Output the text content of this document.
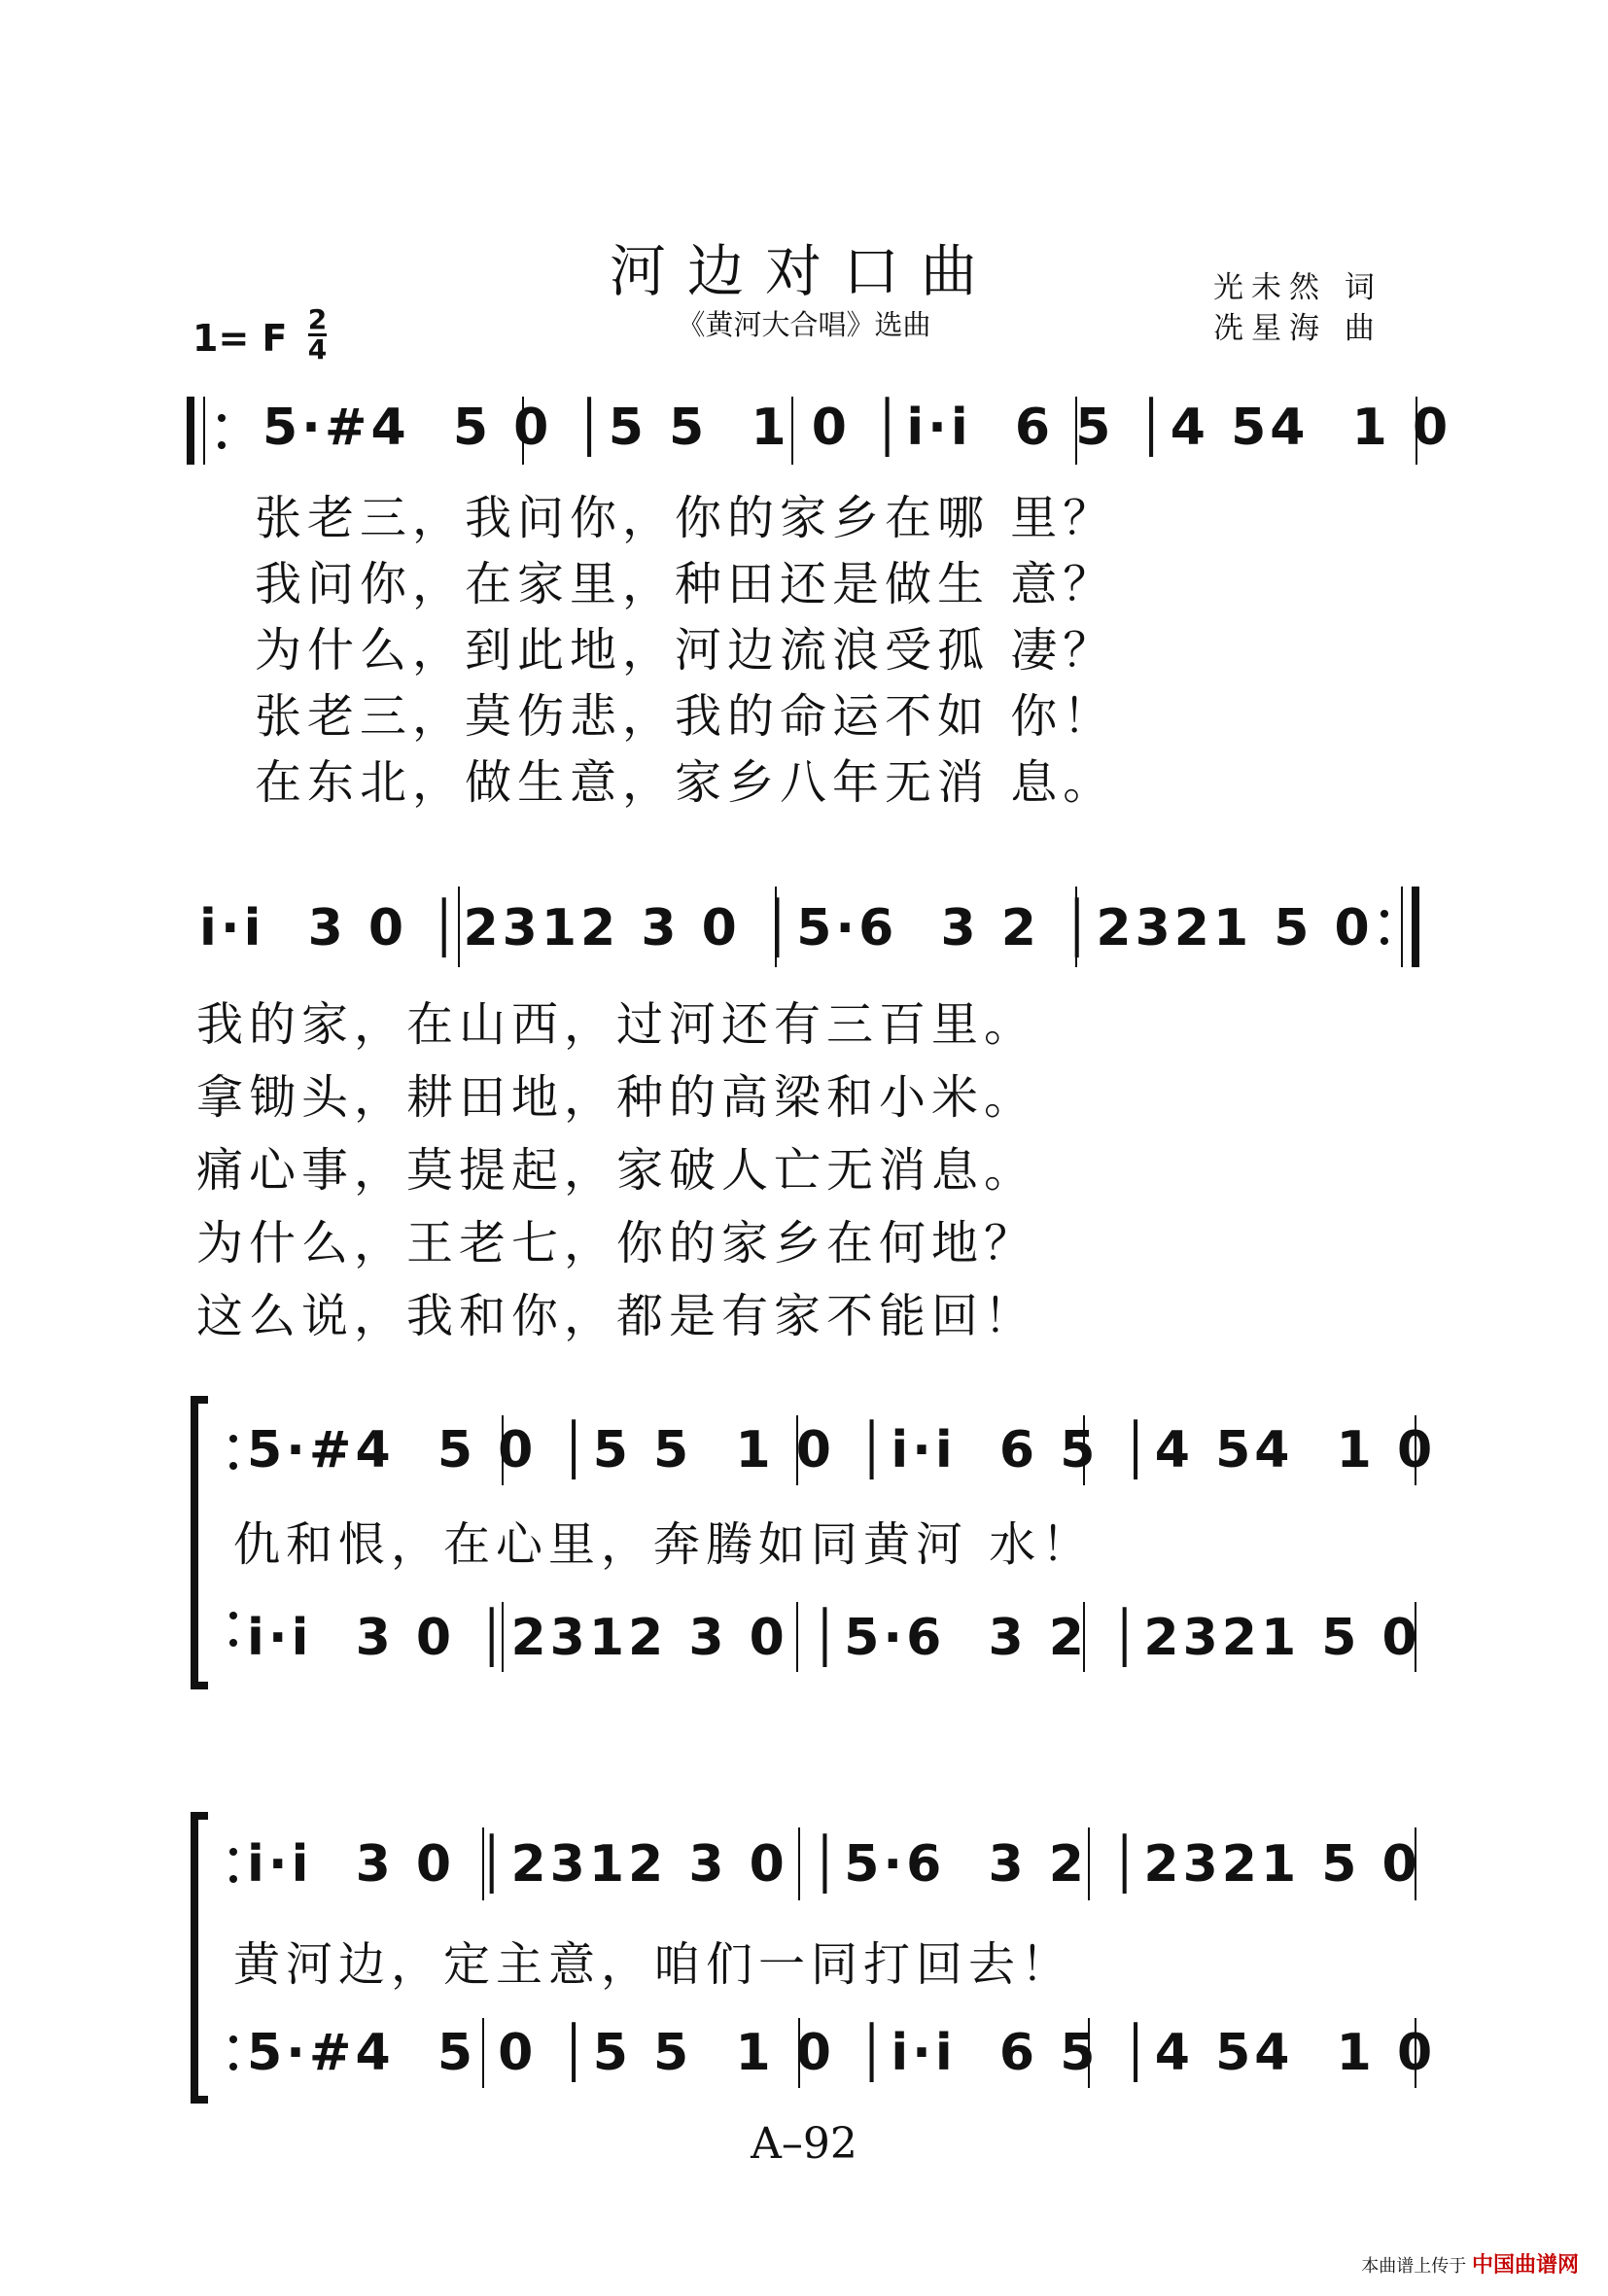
河边对口曲
《黄河大合唱》选曲
光未然 词
冼星海 曲
1= F $\frac{2}{4}$
5·#4  5 0 │5 5  1 0 │i·i  6 5 │4 54  1 0
张老三，我问你，你的家乡在哪 里？
我问你，在家里，种田还是做生 意？
为什么，到此地，河边流浪受孤 凄？
张老三，莫伤悲，我的命运不如 你！
在东北，做生意，家乡八年无消 息。
i·i  3 0 │2312 3 0 │5·6  3 2 │2321 5 0
我的家，在山西，过河还有三百里。
拿锄头，耕田地，种的高梁和小米。
痛心事，莫提起，家破人亡无消息。
为什么，王老七，你的家乡在何地？
这么说，我和你，都是有家不能回！
5·#4  5 0 │5 5  1 0 │i·i  6 5 │4 54  1 0
仇和恨，在心里，奔腾如同黄河 水！
i·i  3 0 │2312 3 0 │5·6  3 2 │2321 5 0
i·i  3 0 │2312 3 0 │5·6  3 2 │2321 5 0
黄河边，定主意，咱们一同打回去！
5·#4  5 0 │5 5  1 0 │i·i  6 5 │4 54  1 0
A–92
本曲谱上传于 中国曲谱网
